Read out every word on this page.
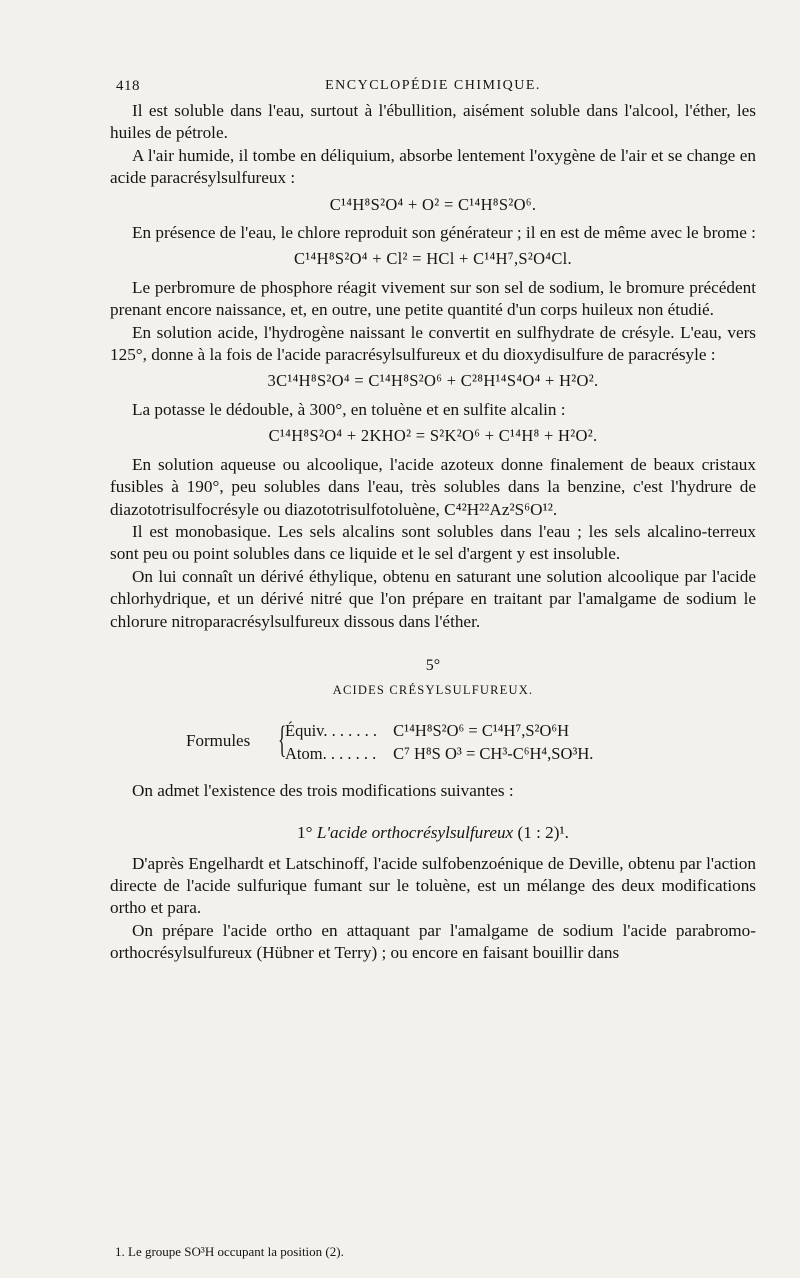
418	ENCYCLOPÉDIE CHIMIQUE.

Il est soluble dans l'eau, surtout à l'ébullition, aisément soluble dans l'alcool, l'éther, les huiles de pétrole.

A l'air humide, il tombe en déliquium, absorbe lentement l'oxygène de l'air et se change en acide paracrésylsulfureux :

C¹⁴H⁸S²O⁴ + O² = C¹⁴H⁸S²O⁶.

En présence de l'eau, le chlore reproduit son générateur ; il en est de même avec le brome :

C¹⁴H⁸S²O⁴ + Cl² = HCl + C¹⁴H⁷,S²O⁴Cl.

Le perbromure de phosphore réagit vivement sur son sel de sodium, le bromure précédent prenant encore naissance, et, en outre, une petite quantité d'un corps huileux non étudié.

En solution acide, l'hydrogène naissant le convertit en sulfhydrate de crésyle. L'eau, vers 125°, donne à la fois de l'acide paracrésylsulfureux et du dioxydisulfure de paracrésyle :

3C¹⁴H⁸S²O⁴ = C¹⁴H⁸S²O⁶ + C²⁸H¹⁴S⁴O⁴ + H²O².

La potasse le dédouble, à 300°, en toluène et en sulfite alcalin :

C¹⁴H⁸S²O⁴ + 2KHO² = S²K²O⁶ + C¹⁴H⁸ + H²O².

En solution aqueuse ou alcoolique, l'acide azoteux donne finalement de beaux cristaux fusibles à 190°, peu solubles dans l'eau, très solubles dans la benzine, c'est l'hydrure de diazototrisulfocrésyle ou diazototrisulfotoluène, C⁴²H²²Az²S⁶O¹².

Il est monobasique. Les sels alcalins sont solubles dans l'eau ; les sels alcalino-terreux sont peu ou point solubles dans ce liquide et le sel d'argent y est insoluble.

On lui connaît un dérivé éthylique, obtenu en saturant une solution alcoolique par l'acide chlorhydrique, et un dérivé nitré que l'on prépare en traitant par l'amalgame de sodium le chlorure nitroparacrésylsulfureux dissous dans l'éther.

5°
ACIDES CRÉSYLSULFUREUX.
Formules {
Équiv. . . . . . . C¹⁴H⁸S²O⁶ = C¹⁴H⁷,S²O⁶H
Atom. . . . . . . C⁷ H⁸S O³ = CH³-C⁶H⁴,SO³H.

On admet l'existence des trois modifications suivantes :

1° L'acide orthocrésylsulfureux (1 : 2)¹.

D'après Engelhardt et Latschinoff, l'acide sulfobenzoénique de Deville, obtenu par l'action directe de l'acide sulfurique fumant sur le toluène, est un mélange des deux modifications ortho et para.

On prépare l'acide ortho en attaquant par l'amalgame de sodium l'acide parabromo-orthocrésylsulfureux (Hübner et Terry) ; ou encore en faisant bouillir dans

1. Le groupe SO³H occupant la position (2).
